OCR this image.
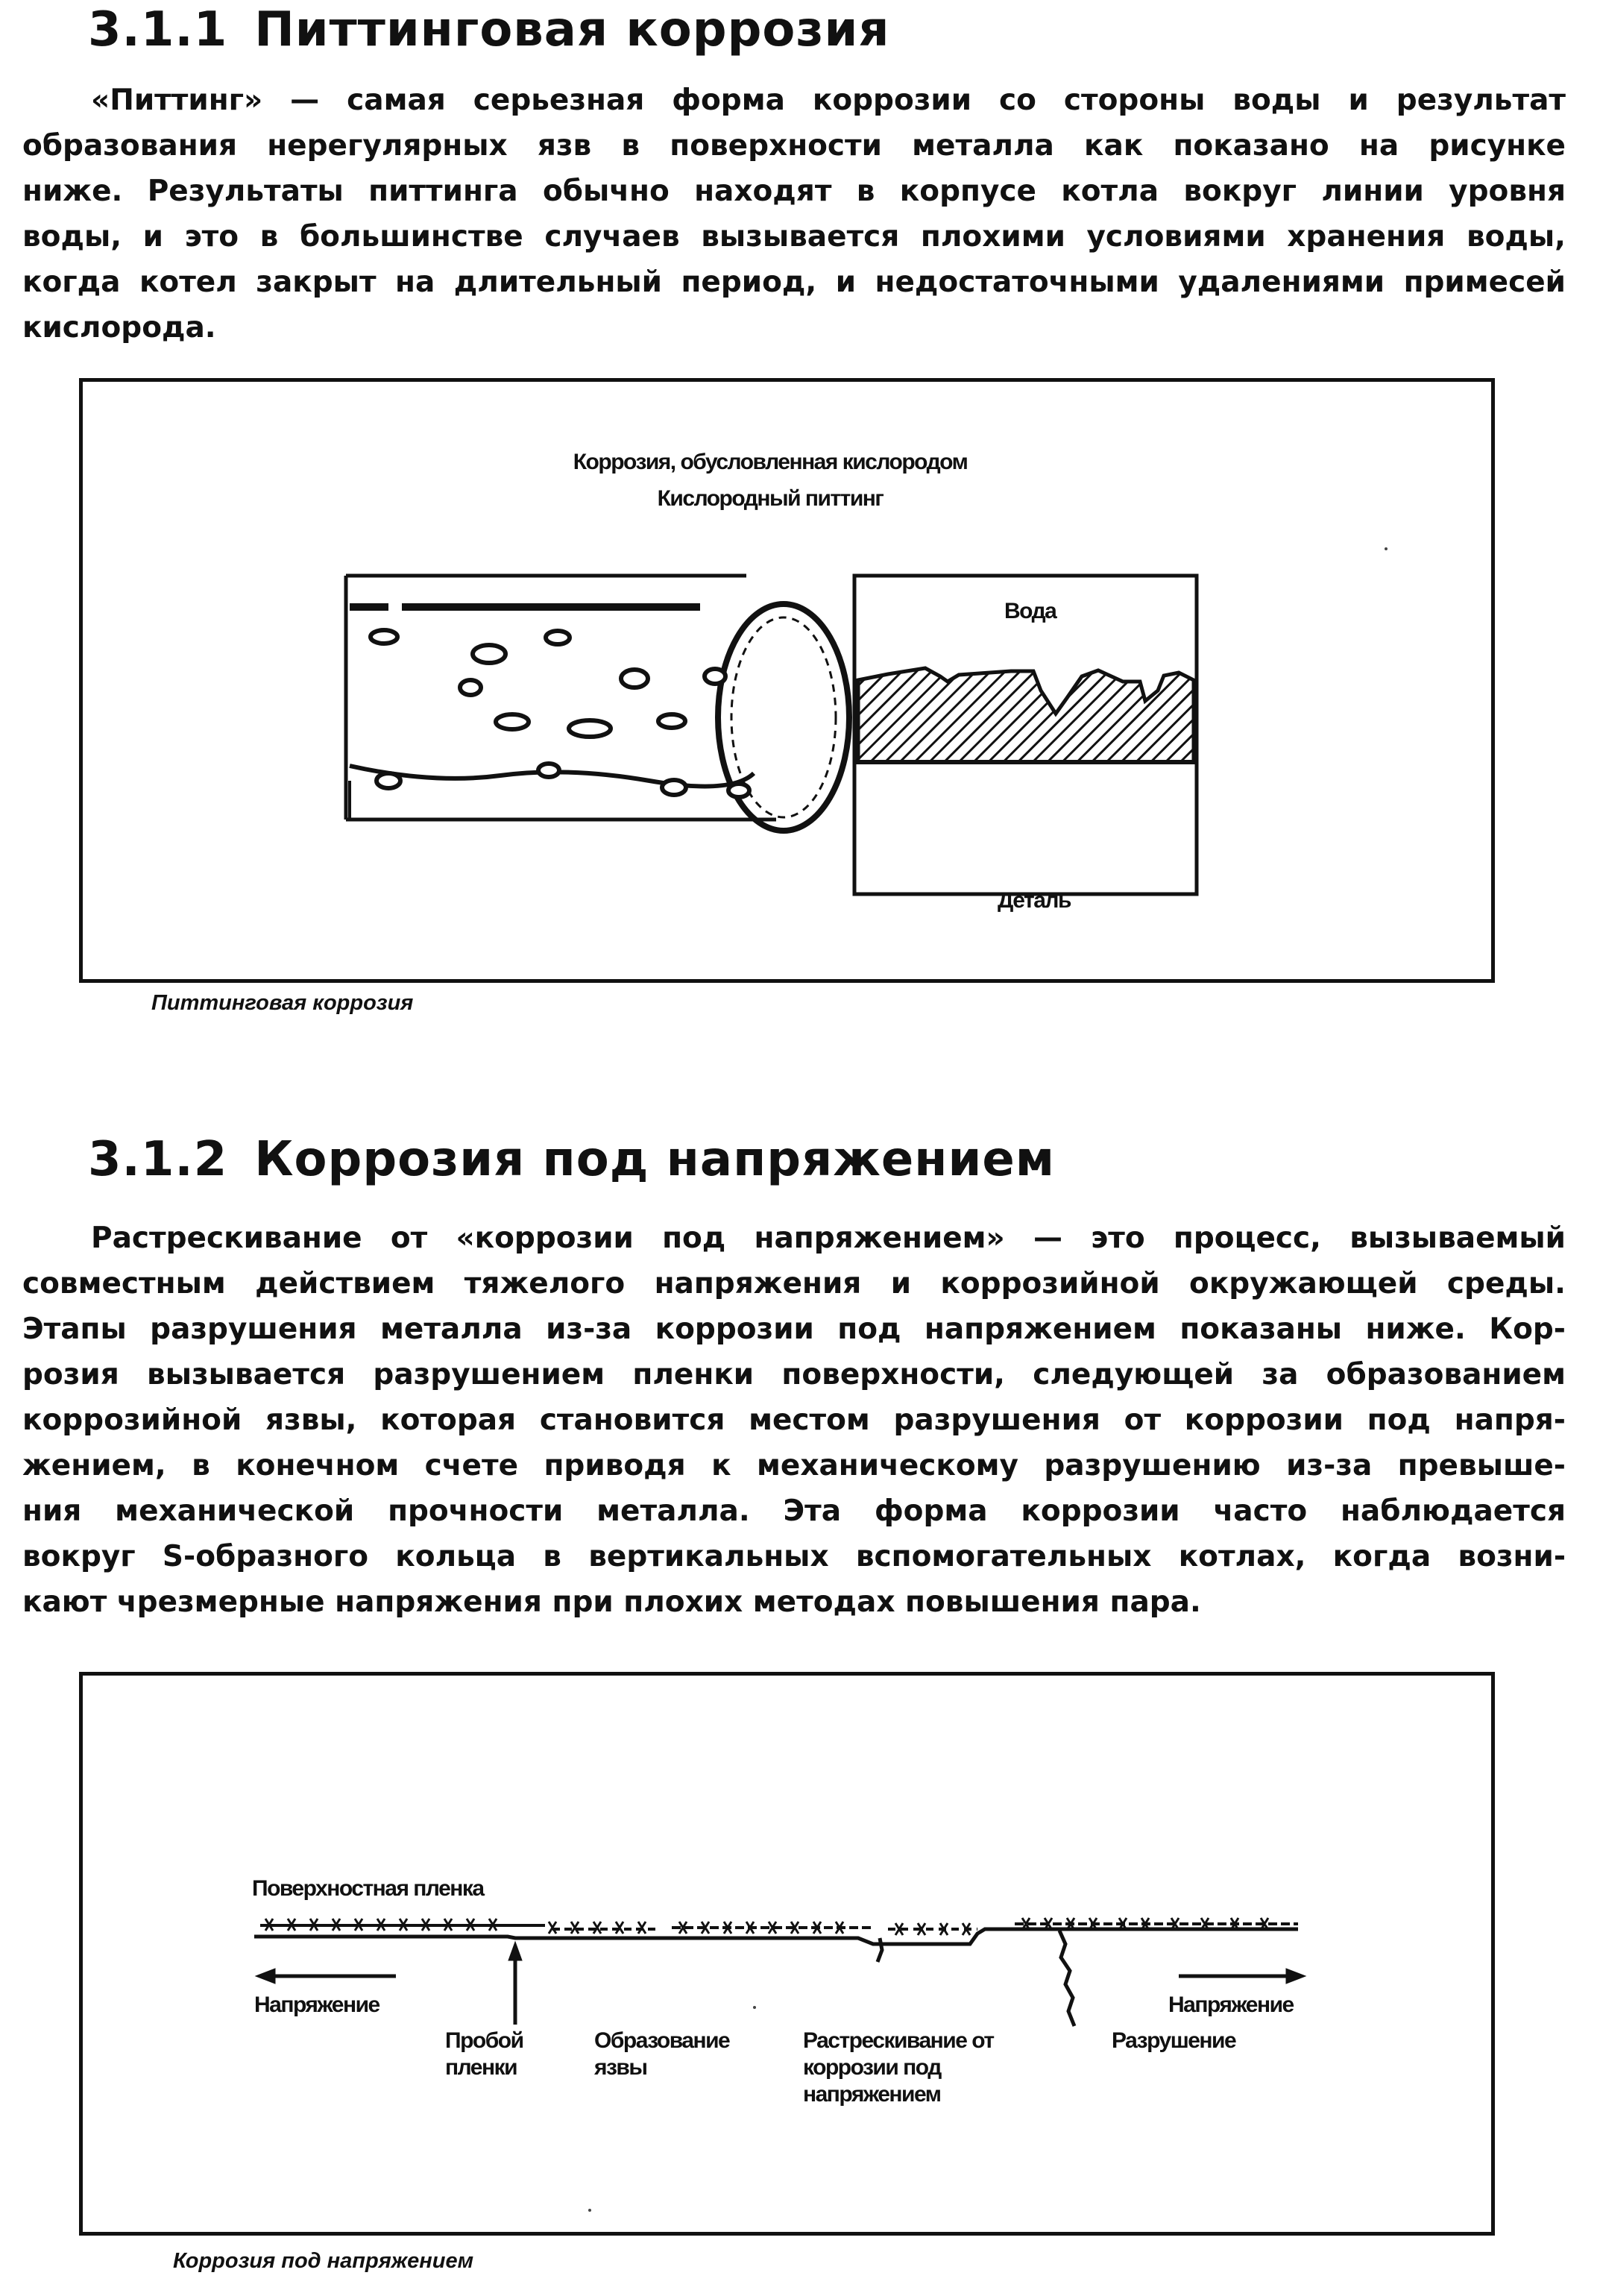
3.1.1 Питтинговая коррозия
«Питтинг» — самая серьезная форма коррозии со стороны воды и результат
образования нерегулярных язв в поверхности металла как показано на рисунке
ниже. Результаты питтинга обычно находят в корпусе котла вокруг линии уровня
воды, и это в большинстве случаев вызывается плохими условиями хранения воды,
когда котел закрыт на длительный период, и недостаточными удалениями примесей
кислорода.
Коррозия, обусловленная кислородом
Кислородный питтинг
Вода
Деталь
Питтинговая коррозия
3.1.2 Коррозия под напряжением
Растрескивание от «коррозии под напряжением» — это процесс, вызываемый
совместным действием тяжелого напряжения и коррозийной окружающей среды.
Этапы разрушения металла из-за коррозии под напряжением показаны ниже. Кор-
розия вызывается разрушением пленки поверхности, следующей за образованием
коррозийной язвы, которая становится местом разрушения от коррозии под напря-
жением, в конечном счете приводя к механическому разрушению из-за превыше-
ния механической прочности металла. Эта форма коррозии часто наблюдается
вокруг S-образного кольца в вертикальных вспомогательных котлах, когда возни-
кают чрезмерные напряжения при плохих методах повышения пара.
Поверхностная пленка
Напряжение	Напряжение
Пробой
пленки
Образование
язвы
Растрескивание от
коррозии под
напряжением
Разрушение
Коррозия под напряжением
